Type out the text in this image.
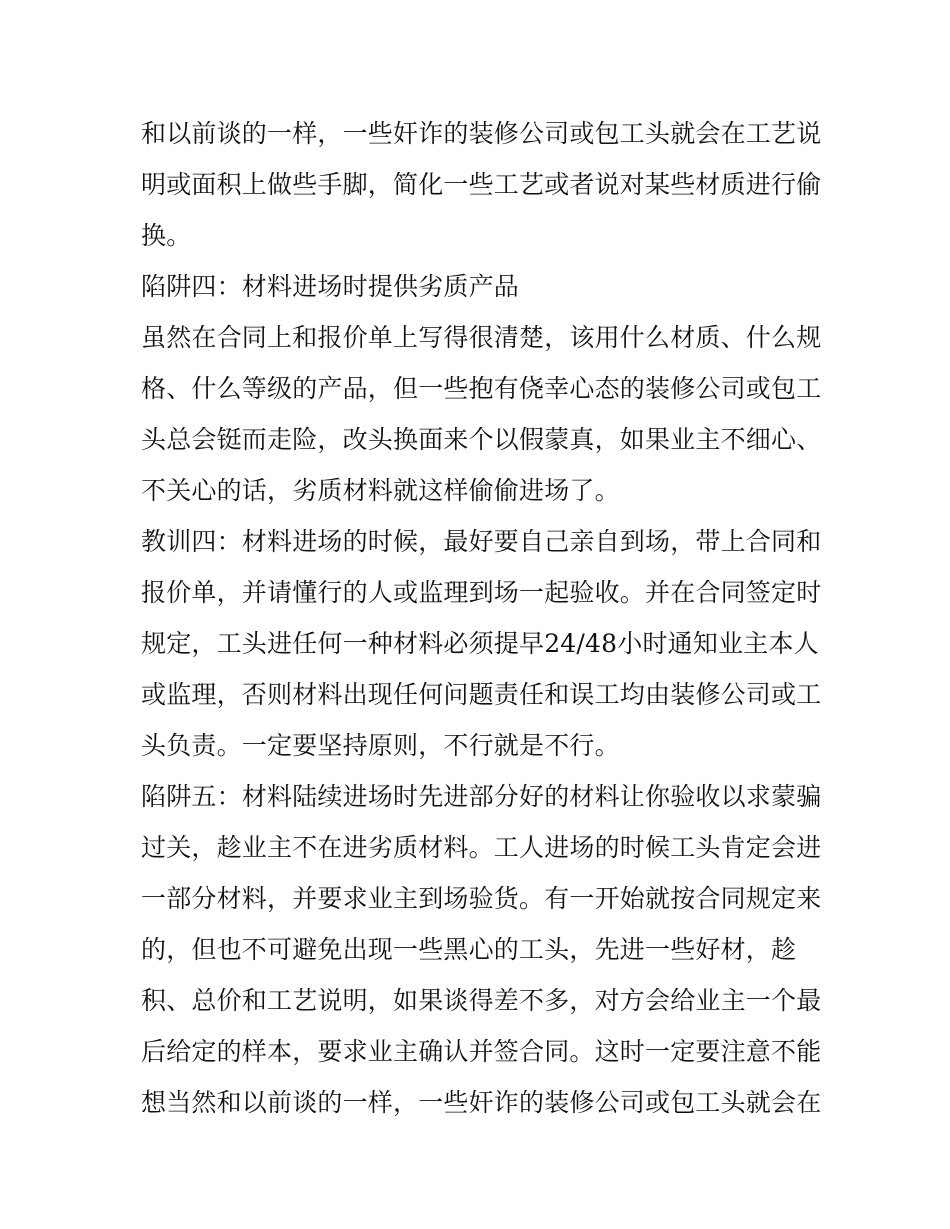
和以前谈的一样，一些奸诈的装修公司或包工头就会在工艺说
明或面积上做些手脚，简化一些工艺或者说对某些材质进行偷
换。
陷阱四：材料进场时提供劣质产品
虽然在合同上和报价单上写得很清楚，该用什么材质、什么规
格、什么等级的产品，但一些抱有侥幸心态的装修公司或包工
头总会铤而走险，改头换面来个以假蒙真，如果业主不细心、
不关心的话，劣质材料就这样偷偷进场了。
教训四：材料进场的时候，最好要自己亲自到场，带上合同和
报价单，并请懂行的人或监理到场一起验收。并在合同签定时
规定，工头进任何一种材料必须提早24/48小时通知业主本人
或监理，否则材料出现任何问题责任和误工均由装修公司或工
头负责。一定要坚持原则，不行就是不行。
陷阱五：材料陆续进场时先进部分好的材料让你验收以求蒙骗
过关，趁业主不在进劣质材料。工人进场的时候工头肯定会进
一部分材料，并要求业主到场验货。有一开始就按合同规定来
的，但也不可避免出现一些黑心的工头，先进一些好材，趁
积、总价和工艺说明，如果谈得差不多，对方会给业主一个最
后给定的样本，要求业主确认并签合同。这时一定要注意不能
想当然和以前谈的一样，一些奸诈的装修公司或包工头就会在
